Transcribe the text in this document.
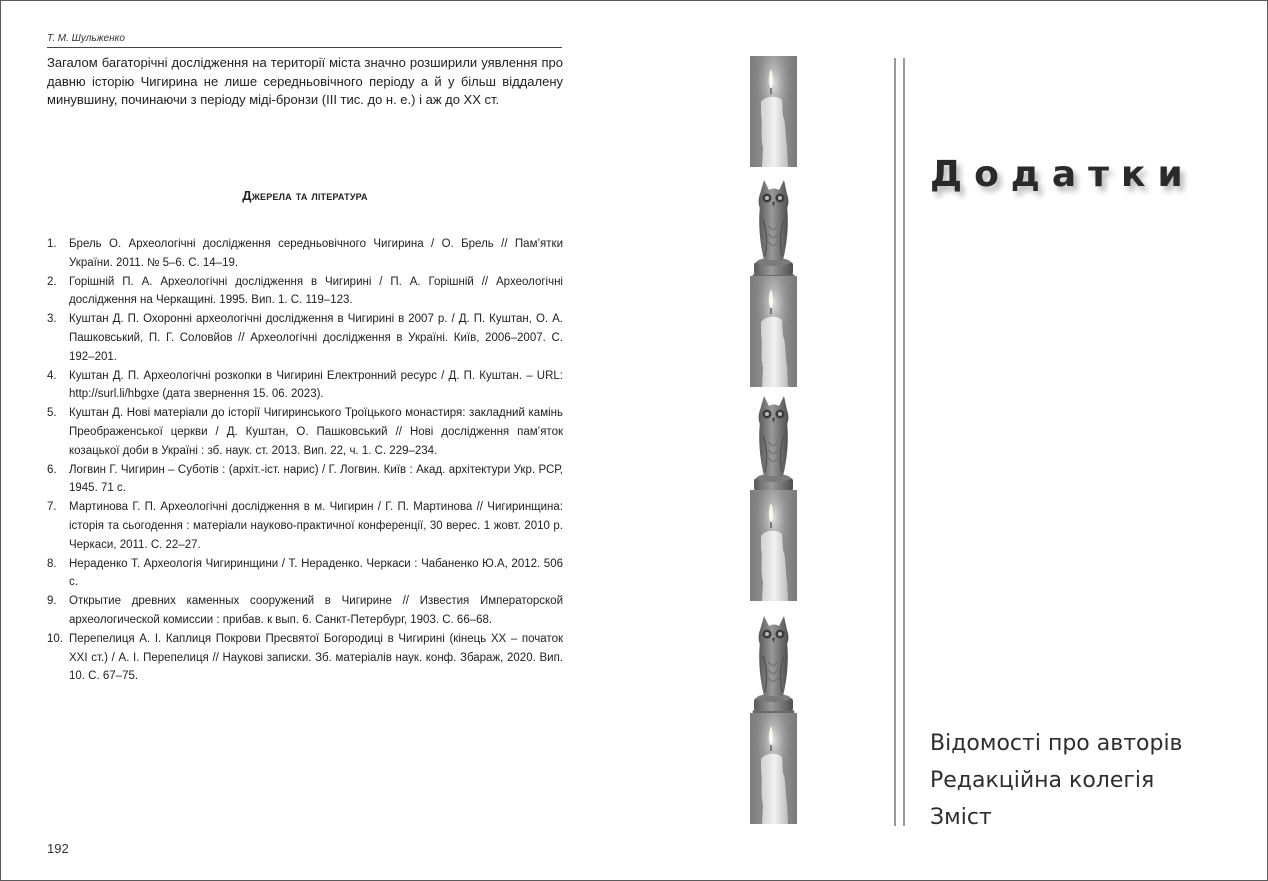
Т. М. Шульженко

Загалом багаторічні дослідження на території міста значно розширили уявлення про давню історію Чигирина не лише середньовічного періоду а й у більш віддалену минувшину, починаючи з періоду міді-бронзи (ІІІ тис. до н. е.) і аж до ХХ ст.

Джерела та література
1. Брель О. Археологічні дослідження середньовічного Чигирина / О. Брель // Пам’ятки України. 2011. № 5–6. С. 14–19.
2. Горішній П. А. Археологічні дослідження в Чигирині / П. А. Горішній // Археологічні дослідження на Черкащині. 1995. Вип. 1. С. 119–123.
3. Куштан Д. П. Охоронні археологічні дослідження в Чигирині в 2007 р. / Д. П. Куштан, О. А. Пашковський, П. Г. Соловйов // Археологічні дослідження в Україні. Київ, 2006–2007. С. 192–201.
4. Куштан Д. П. Археологічні розкопки в Чигирині Електронний ресурс / Д. П. Куштан. – URL: http://surl.li/hbgxe (дата звернення 15. 06. 2023).
5. Куштан Д. Нові матеріали до історії Чигиринського Троїцького монастиря: закладний камінь Преображенської церкви / Д. Куштан, О. Пашковський // Нові дослідження пам’яток козацької доби в Україні : зб. наук. ст. 2013. Вип. 22, ч. 1. С. 229–234.
6. Логвин Г. Чигирин – Суботів : (архіт.-іст. нарис) / Г. Логвин. Київ : Акад. архітектури Укр. РСР, 1945. 71 с.
7. Мартинова Г. П. Археологічні дослідження в м. Чигирин / Г. П. Мартинова // Чигиринщина: історія та сьогодення : матеріали науково-практичної конференції, 30 верес. 1 жовт. 2010 р. Черкаси, 2011. С. 22–27.
8. Нераденко Т. Археологія Чигиринщини / Т. Нераденко. Черкаси : Чабаненко Ю.А, 2012. 506 с.
9. Открытие древних каменных сооружений в Чигирине // Известия Императорской археологической комиссии : прибав. к вып. 6. Санкт-Петербург, 1903. С. 66–68.
10. Перепелиця А. І. Каплиця Покрови Пресвятої Богородиці в Чигирині (кінець ХХ – початок ХХІ ст.) / А. І. Перепелиця // Наукові записки. Зб. матеріалів наук. конф. Збараж, 2020. Вип. 10. С. 67–75.
192
Додатки
Відомості про авторів
Редакційна колегія
Зміст
